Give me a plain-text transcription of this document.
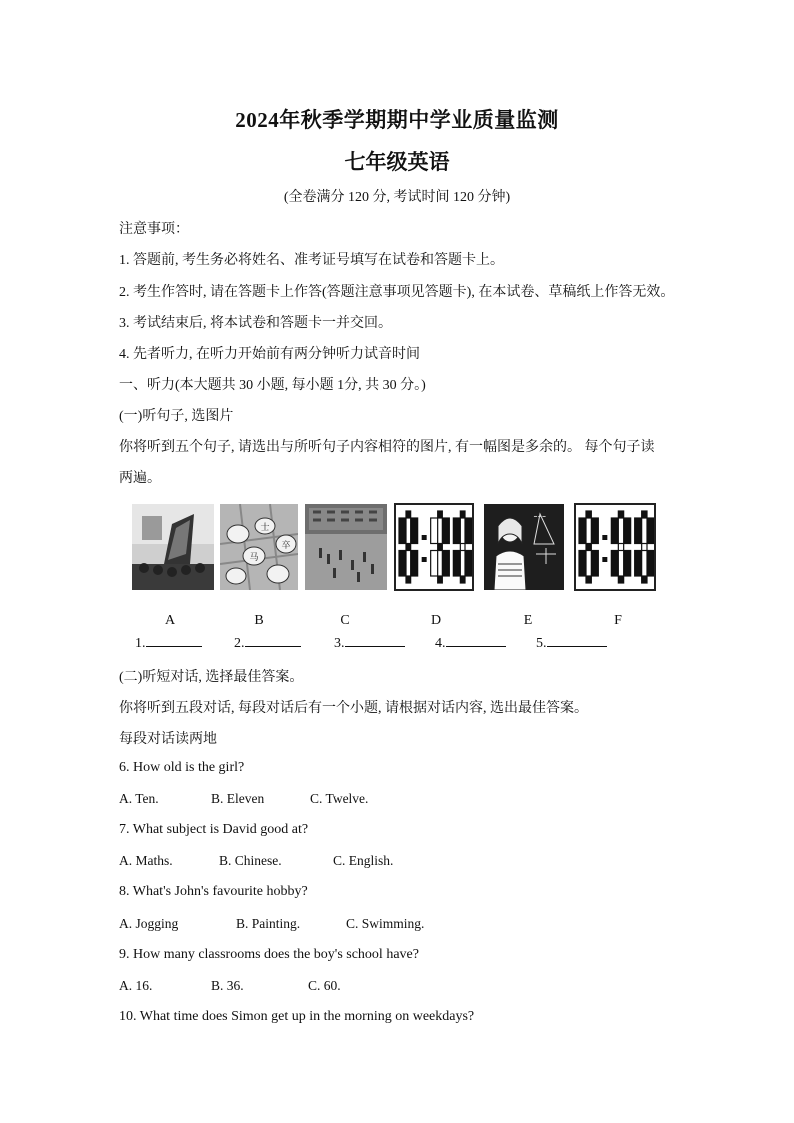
2024年秋季学期期中学业质量监测
七年级英语
(全卷满分 120 分, 考试时间 120 分钟)
注意事项：
1. 答题前, 考生务必将姓名、准考证号填写在试卷和答题卡上。
2. 考生作答时, 请在答题卡上作答(答题注意事项见答题卡), 在本试卷、草稿纸上作答无效。
3. 考试结束后, 将本试卷和答题卡一并交回。
4. 先者听力, 在听力开始前有两分钟听力试音时间
一、听力(本大题共 30 小题, 每小题 1分, 共 30 分。)
(一)听句子, 选图片
你将听到五个句子, 请选出与所听句子内容相符的图片, 有一幅图是多余的。 每个句子读
两遍。
士
卒
马
━ ━ ━
A	B	C	D	E	F
1.	2.	3.	4.	5.
(二)听短对话, 选择最佳答案。
你将听到五段对话, 每段对话后有一个小题, 请根据对话内容, 选出最佳答案。
每段对话读两地
6. How old is the girl?
A. Ten.	B. Eleven	C. Twelve.
7. What subject is David good at?
A. Maths.	B. Chinese.	C. English.
8. What's John's favourite hobby?
A. Jogging	B. Painting.	C. Swimming.
9. How many classrooms does the boy's school have?
A. 16.	B. 36.	C. 60.
10. What time does Simon get up in the morning on weekdays?
